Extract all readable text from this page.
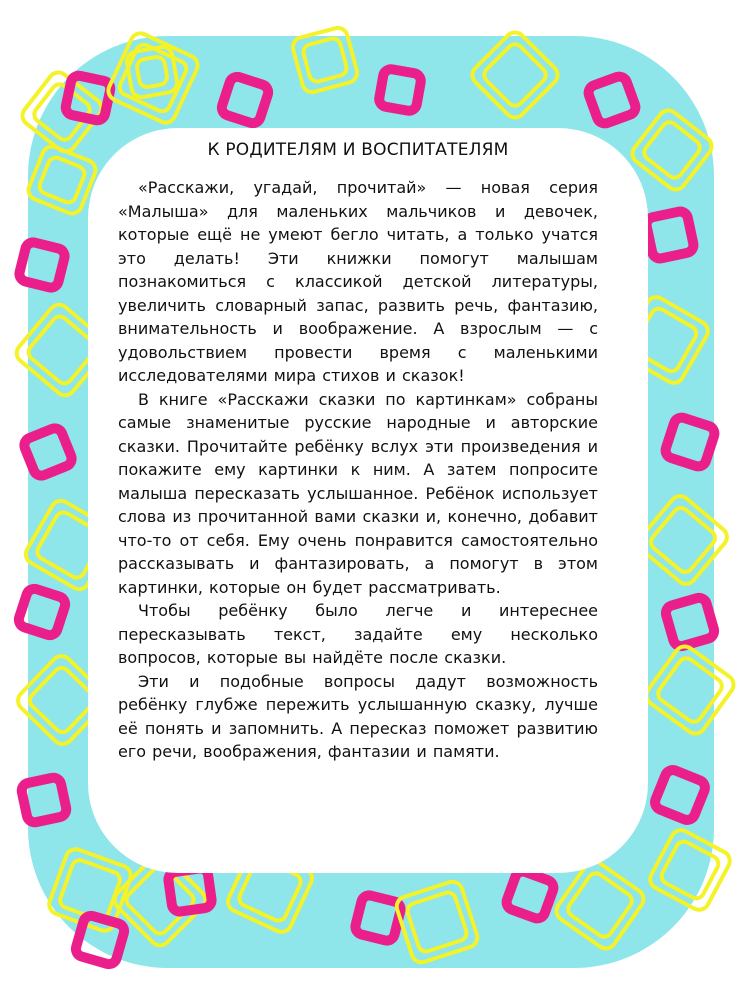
К РОДИТЕЛЯМ И ВОСПИТАТЕЛЯМ

«Расскажи, угадай, прочитай» — новая серия «Малыша» для маленьких мальчиков и девочек, которые ещё не умеют бегло читать, а только учатся это делать! Эти книжки помогут малышам познакомиться с классикой детской литературы, увеличить словарный запас, развить речь, фантазию, внимательность и воображение. А взрослым — с удовольствием провести время с маленькими исследователями мира стихов и сказок!

В книге «Расскажи сказки по картинкам» собраны самые знаменитые русские народные и авторские сказки. Прочитайте ребёнку вслух эти произведения и покажите ему картинки к ним. А затем попросите малыша пересказать услышанное. Ребёнок использует слова из прочитанной вами сказки и, конечно, добавит что-то от себя. Ему очень понравится самостоятельно рассказывать и фантазировать, а помогут в этом картинки, которые он будет рассматривать.

Чтобы ребёнку было легче и интереснее пересказывать текст, задайте ему несколько вопросов, которые вы найдёте после сказки.

Эти и подобные вопросы дадут возможность ребёнку глубже пережить услышанную сказку, лучше её понять и запомнить. А пересказ поможет развитию его речи, воображения, фантазии и памяти.
